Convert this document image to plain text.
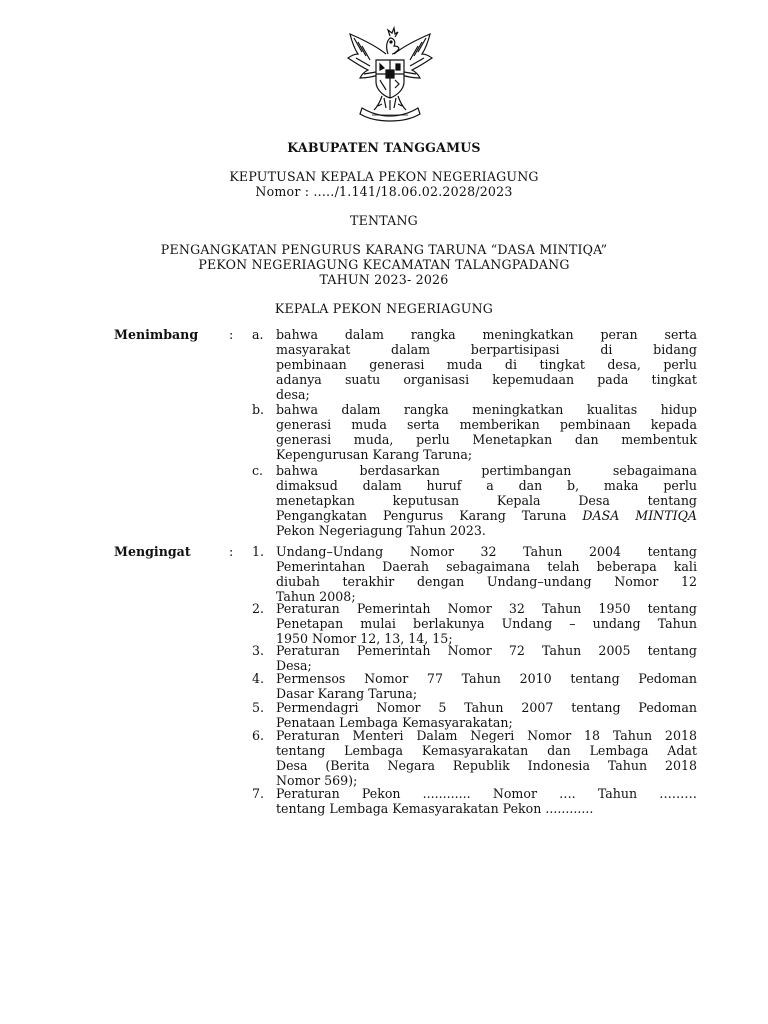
KABUPATEN TANGGAMUS
KEPUTUSAN KEPALA PEKON NEGERIAGUNG
Nomor : ..…/1.141/18.06.02.2028/2023
TENTANG
PENGANGKATAN PENGURUS KARANG TARUNA “DASA MINTIQA”
PEKON NEGERIAGUNG KECAMATAN TALANGPADANG
TAHUN 2023- 2026
KEPALA PEKON NEGERIAGUNG
Menimbang : a. bahwa dalam rangka meningkatkan peran serta
masyarakat dalam berpartisipasi di bidang
pembinaan generasi muda di tingkat desa, perlu
adanya suatu organisasi kepemudaan pada tingkat
desa;
b. bahwa dalam rangka meningkatkan kualitas hidup
generasi muda serta memberikan pembinaan kepada
generasi muda, perlu Menetapkan dan membentuk
Kepengurusan Karang Taruna;
c.	bahwa berdasarkan pertimbangan sebagaimana
dimaksud dalam huruf a dan b, maka perlu
menetapkan keputusan Kepala Desa tentang
Pengangkatan Pengurus Karang Taruna DASA MINTIQA
Pekon Negeriagung Tahun 2023.
Mengingat	: 1. Undang–Undang Nomor 32 Tahun 2004 tentang
Pemerintahan Daerah sebagaimana telah beberapa kali
diubah terakhir dengan Undang–undang Nomor 12
Tahun 2008;
2. Peraturan Pemerintah Nomor 32 Tahun 1950 tentang
Penetapan mulai berlakunya Undang – undang Tahun
1950 Nomor 12, 13, 14, 15;
3. Peraturan Pemerintah Nomor 72 Tahun 2005 tentang
Desa;
4. Permensos Nomor 77 Tahun 2010 tentang Pedoman
Dasar Karang Taruna;
5. Permendagri Nomor 5 Tahun 2007 tentang Pedoman
Penataan Lembaga Kemasyarakatan;
6. Peraturan Menteri Dalam Negeri Nomor 18 Tahun 2018
tentang Lembaga Kemasyarakatan dan Lembaga Adat
Desa (Berita Negara Republik Indonesia Tahun 2018
Nomor 569);
7. Peraturan Pekon ............ Nomor …. Tahun ………
tentang Lembaga Kemasyarakatan Pekon ............
